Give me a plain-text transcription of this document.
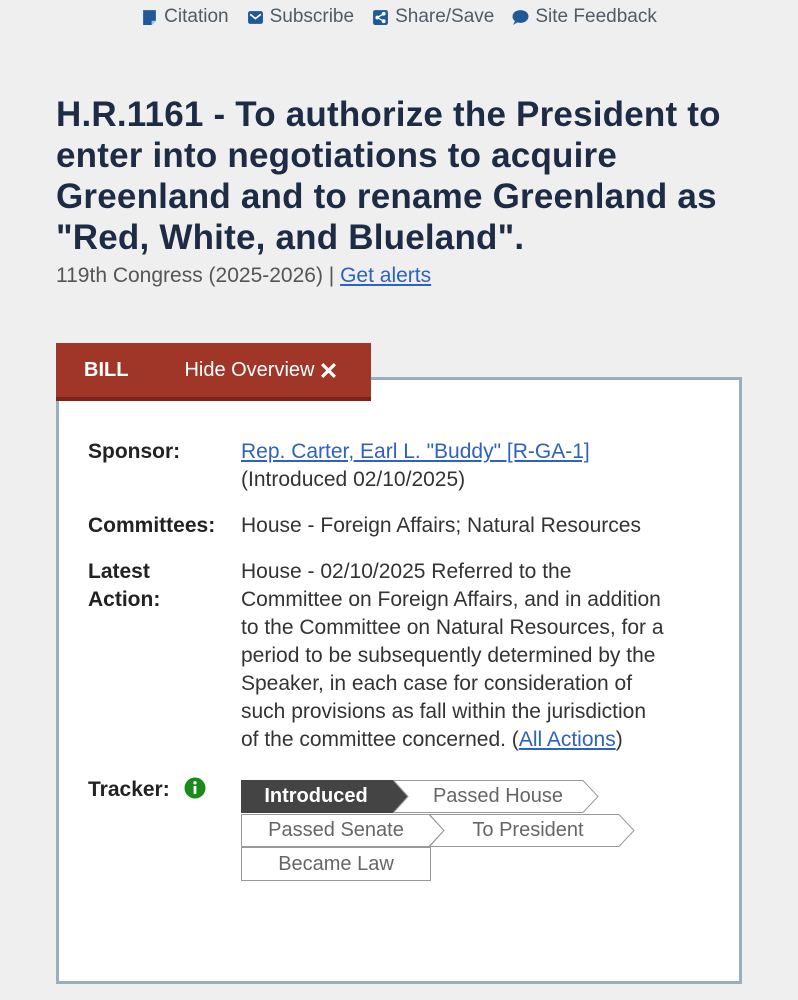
Citation Subscribe Share/Save Site Feedback
H.R.1161 - To authorize the President to enter into negotiations to acquire Greenland and to rename Greenland as "Red, White, and Blueland".
119th Congress (2025-2026) | Get alerts
BILL	Hide Overview
Sponsor:	Rep. Carter, Earl L. "Buddy" [R-GA-1]
(Introduced 02/10/2025)
Committees: House - Foreign Affairs; Natural Resources
Latest
Action:
House - 02/10/2025 Referred to the
Committee on Foreign Affairs, and in addition
to the Committee on Natural Resources, for a
period to be subsequently determined by the
Speaker, in each case for consideration of
such provisions as fall within the jurisdiction
of the committee concerned. (All Actions)
Tracker:	Introduced	Passed House
Passed Senate	To President
Became Law
